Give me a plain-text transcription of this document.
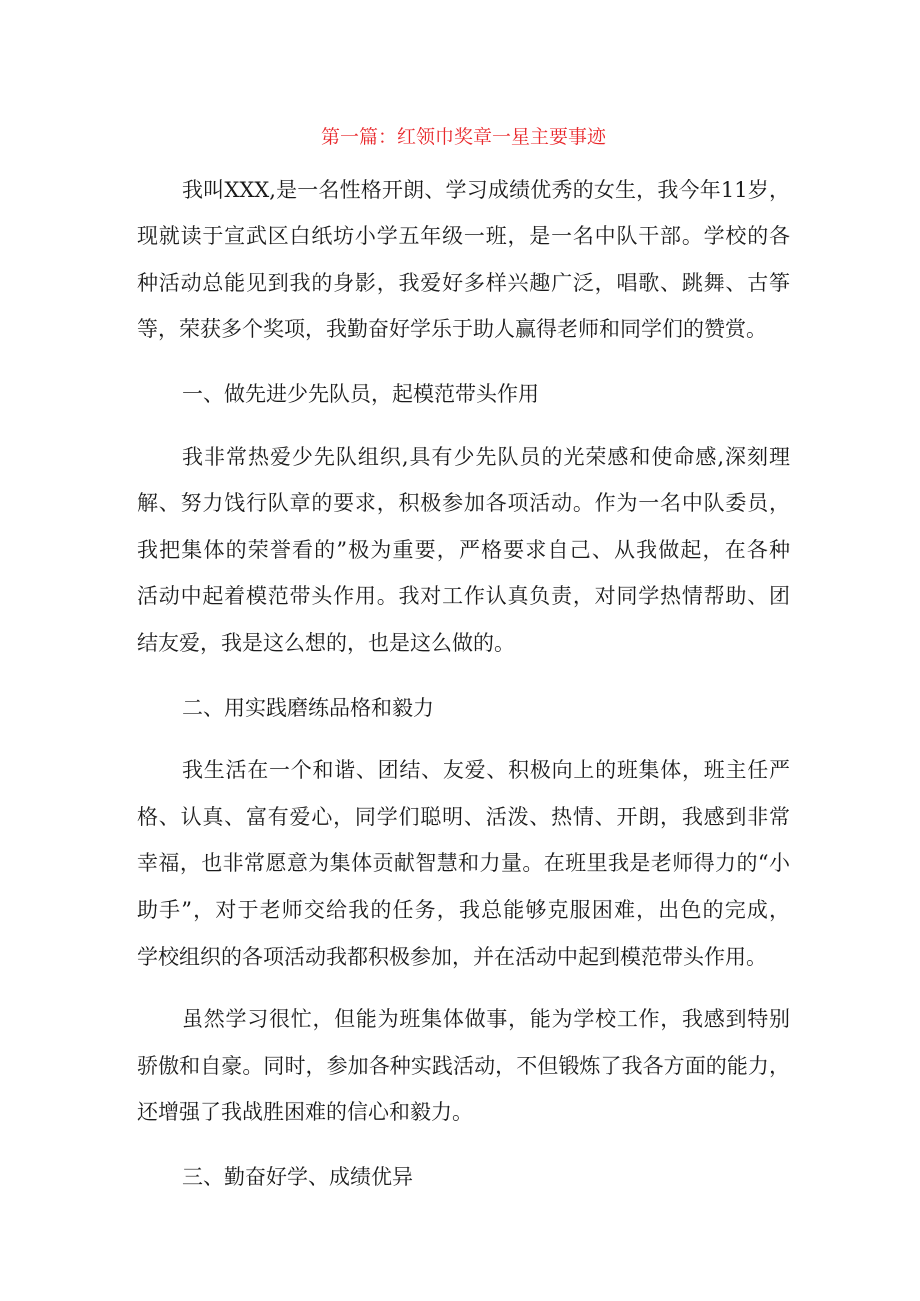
第一篇：红领巾奖章一星主要事迹
我叫XXX,是一名性格开朗、学习成绩优秀的女生，我今年11岁，
现就读于宣武区白纸坊小学五年级一班，是一名中队干部。学校的各
种活动总能见到我的身影，我爱好多样兴趣广泛，唱歌、跳舞、古筝
等，荣获多个奖项，我勤奋好学乐于助人赢得老师和同学们的赞赏。
一、做先进少先队员，起模范带头作用
我非常热爱少先队组织,具有少先队员的光荣感和使命感,深刻理
解、努力饯行队章的要求，积极参加各项活动。作为一名中队委员，
我把集体的荣誉看的”极为重要，严格要求自己、从我做起，在各种
活动中起着模范带头作用。我对工作认真负责，对同学热情帮助、团
结友爱，我是这么想的，也是这么做的。
二、用实践磨练品格和毅力
我生活在一个和谐、团结、友爱、积极向上的班集体，班主任严
格、认真、富有爱心，同学们聪明、活泼、热情、开朗，我感到非常
幸福，也非常愿意为集体贡献智慧和力量。在班里我是老师得力的“小
助手”，对于老师交给我的任务，我总能够克服困难，出色的完成，
学校组织的各项活动我都积极参加，并在活动中起到模范带头作用。
虽然学习很忙，但能为班集体做事，能为学校工作，我感到特别
骄傲和自豪。同时，参加各种实践活动，不但锻炼了我各方面的能力，
还增强了我战胜困难的信心和毅力。
三、勤奋好学、成绩优异
